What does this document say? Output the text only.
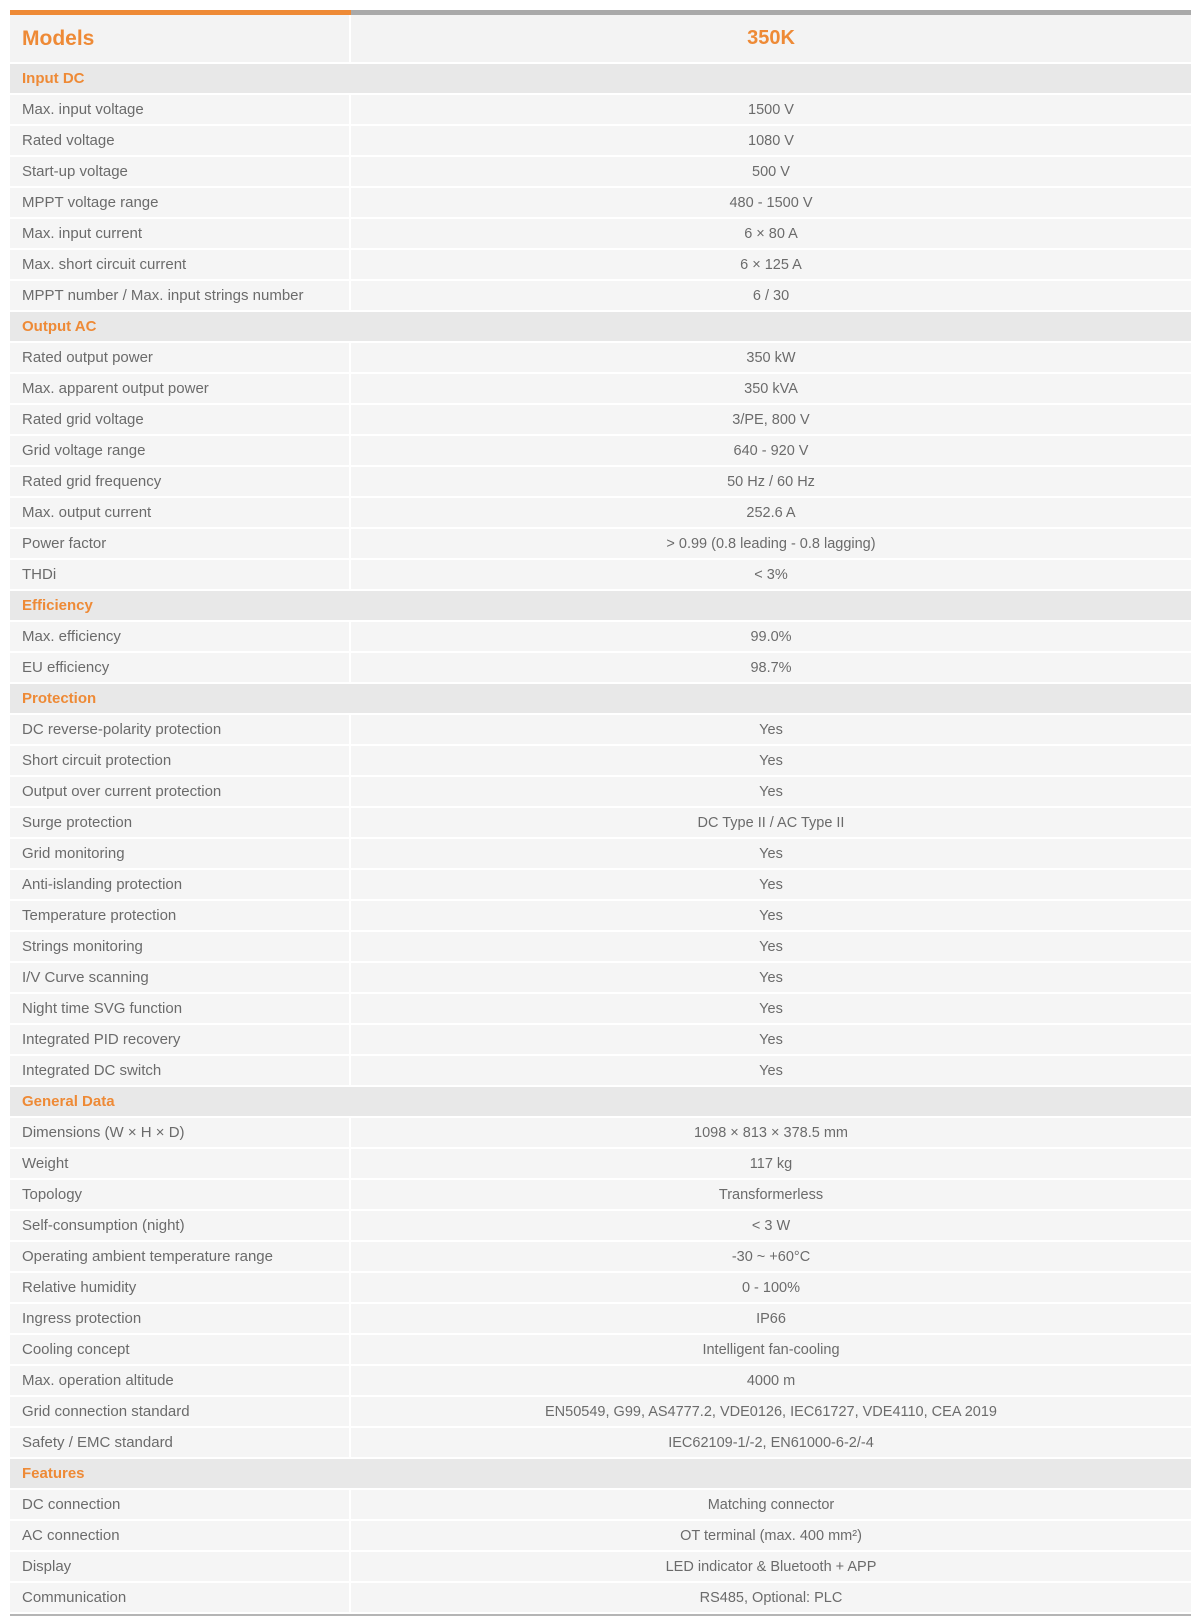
Models	350K
Input DC
Max. input voltage	1500 V
Rated voltage	1080 V
Start-up voltage	500 V
MPPT voltage range	480 - 1500 V
Max. input current	6 × 80 A
Max. short circuit current	6 × 125 A
MPPT number / Max. input strings number	6 / 30
Output AC
Rated output power	350 kW
Max. apparent output power	350 kVA
Rated grid voltage	3/PE, 800 V
Grid voltage range	640 - 920 V
Rated grid frequency	50 Hz / 60 Hz
Max. output current	252.6 A
Power factor	> 0.99 (0.8 leading - 0.8 lagging)
THDi	< 3%
Efficiency
Max. efficiency	99.0%
EU efficiency	98.7%
Protection
DC reverse-polarity protection	Yes
Short circuit protection	Yes
Output over current protection	Yes
Surge protection	DC Type II / AC Type II
Grid monitoring	Yes
Anti-islanding protection	Yes
Temperature protection	Yes
Strings monitoring	Yes
I/V Curve scanning	Yes
Night time SVG function	Yes
Integrated PID recovery	Yes
Integrated DC switch	Yes
General Data
Dimensions (W × H × D)	1098 × 813 × 378.5 mm
Weight	117 kg
Topology	Transformerless
Self-consumption (night)	< 3 W
Operating ambient temperature range	-30 ~ +60°C
Relative humidity	0 - 100%
Ingress protection	IP66
Cooling concept	Intelligent fan-cooling
Max. operation altitude	4000 m
Grid connection standard	EN50549, G99, AS4777.2, VDE0126, IEC61727, VDE4110, CEA 2019
Safety / EMC standard	IEC62109-1/-2, EN61000-6-2/-4
Features
DC connection	Matching connector
AC connection	OT terminal (max. 400 mm²)
Display	LED indicator & Bluetooth + APP
Communication	RS485, Optional: PLC
